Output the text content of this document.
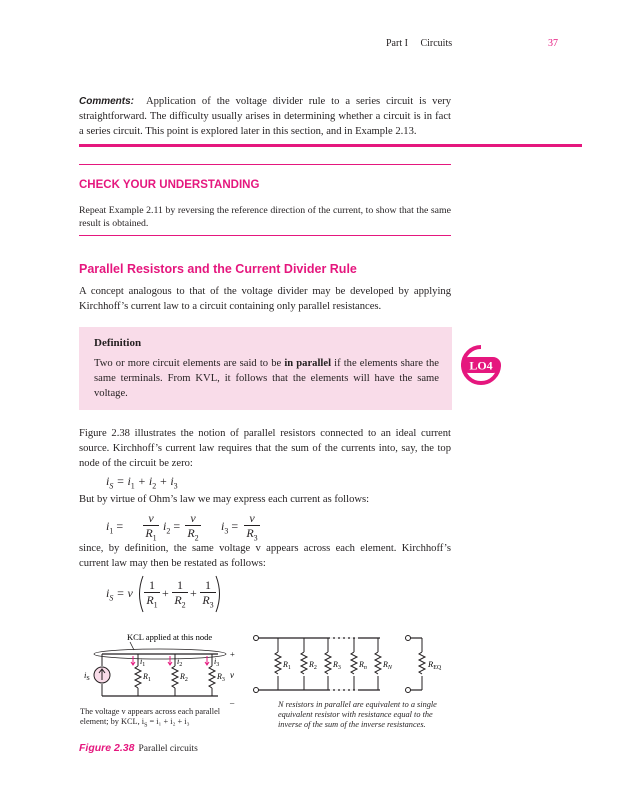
Part I Circuits	37
Comments: Application of the voltage divider rule to a series circuit is very straightforward. The difficulty usually arises in determining whether a circuit is in fact a series circuit. This point is explored later in this section, and in Example 2.13.
CHECK YOUR UNDERSTANDING
Repeat Example 2.11 by reversing the reference direction of the current, to show that the same result is obtained.
Parallel Resistors and the Current Divider Rule
A concept analogous to that of the voltage divider may be developed by applying Kirchhoff’s current law to a circuit containing only parallel resistances.
Definition
Two or more circuit elements are said to be in parallel if the elements share the same terminals. From KVL, it follows that the elements will have the same voltage.
LO4
Figure 2.38 illustrates the notion of parallel resistors connected to an ideal current source. Kirchhoff’s current law requires that the sum of the currents into, say, the top node of the circuit be zero:
$i_S = i_1 + i_2 + i_3$
But by virtue of Ohm’s law we may express each current as follows:
$i_1$ =
v
$R_1$
$i_2$ =
v
$R_2$
$i_3$ =
v
$R_3$
since, by definition, the same voltage v appears across each element. Kirchhoff’s current law may then be restated as follows:
$i_S = v$
1
$R_1$
+
1
$R_2$
+
1
$R_3$
KCL applied at this node
$i_S$
$i_1$
$R_1$
$i_2$
$R_2$
$i_3$
$R_3$
+
v
–
$R_1$ $R_2$ $R_3$ $R_n$ $R_N$	$R_{EQ}$
The voltage v appears across each parallel
element; by KCL, $i_S = i_1 + i_2 + i_3$
N resistors in parallel are equivalent to a single equivalent resistor with resistance equal to the inverse of the sum of the inverse resistances.
Figure 2.38 Parallel circuits
